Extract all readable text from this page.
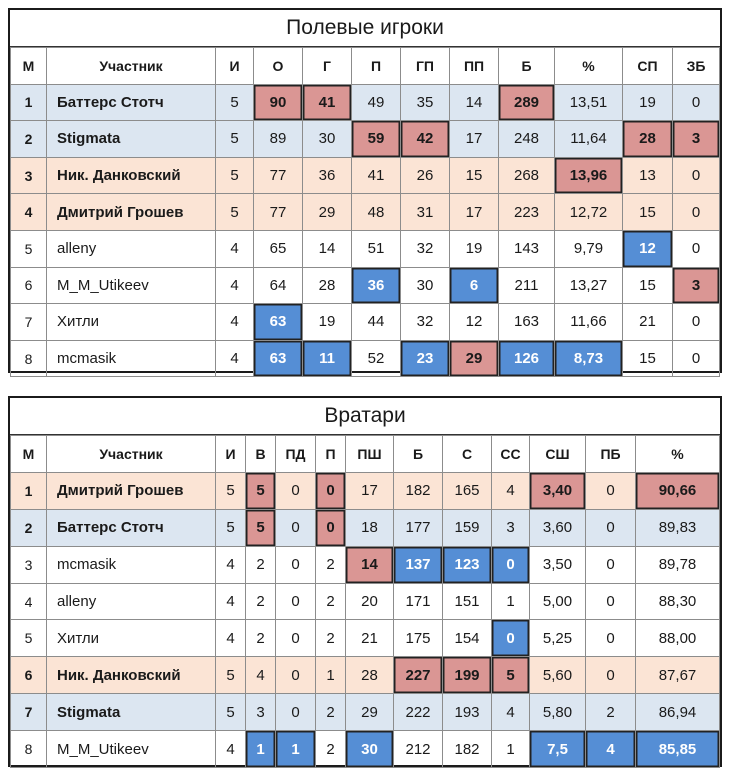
Полевые игроки
М	Участник	И	О	Г	П	ГП	ПП	Б	%	СП	ЗБ
1	Баттерс Стотч	5	90	41	49	35	14	289	13,51	19	0
2	Stigmata	5	89	30	59	42	17	248	11,64	28	3
3	Ник. Данковский	5	77	36	41	26	15	268	13,96	13	0
4	Дмитрий Грошев	5	77	29	48	31	17	223	12,72	15	0
5	alleny	4	65	14	51	32	19	143	9,79	12	0
6	M_M_Utikeev	4	64	28	36	30	6	211	13,27	15	3
7	Хитли	4	63	19	44	32	12	163	11,66	21	0
8	mcmasik	4	63	11	52	23	29	126	8,73	15	0
Вратари
М	Участник	И	В	ПД	П	ПШ	Б	С	СС	СШ	ПБ	%
1	Дмитрий Грошев	5	5	0	0	17	182	165	4	3,40	0	90,66
2	Баттерс Стотч	5	5	0	0	18	177	159	3	3,60	0	89,83
3	mcmasik	4	2	0	2	14	137	123	0	3,50	0	89,78
4	alleny	4	2	0	2	20	171	151	1	5,00	0	88,30
5	Хитли	4	2	0	2	21	175	154	0	5,25	0	88,00
6	Ник. Данковский	5	4	0	1	28	227	199	5	5,60	0	87,67
7	Stigmata	5	3	0	2	29	222	193	4	5,80	2	86,94
8	M_M_Utikeev	4	1	1	2	30	212	182	1	7,5	4	85,85
